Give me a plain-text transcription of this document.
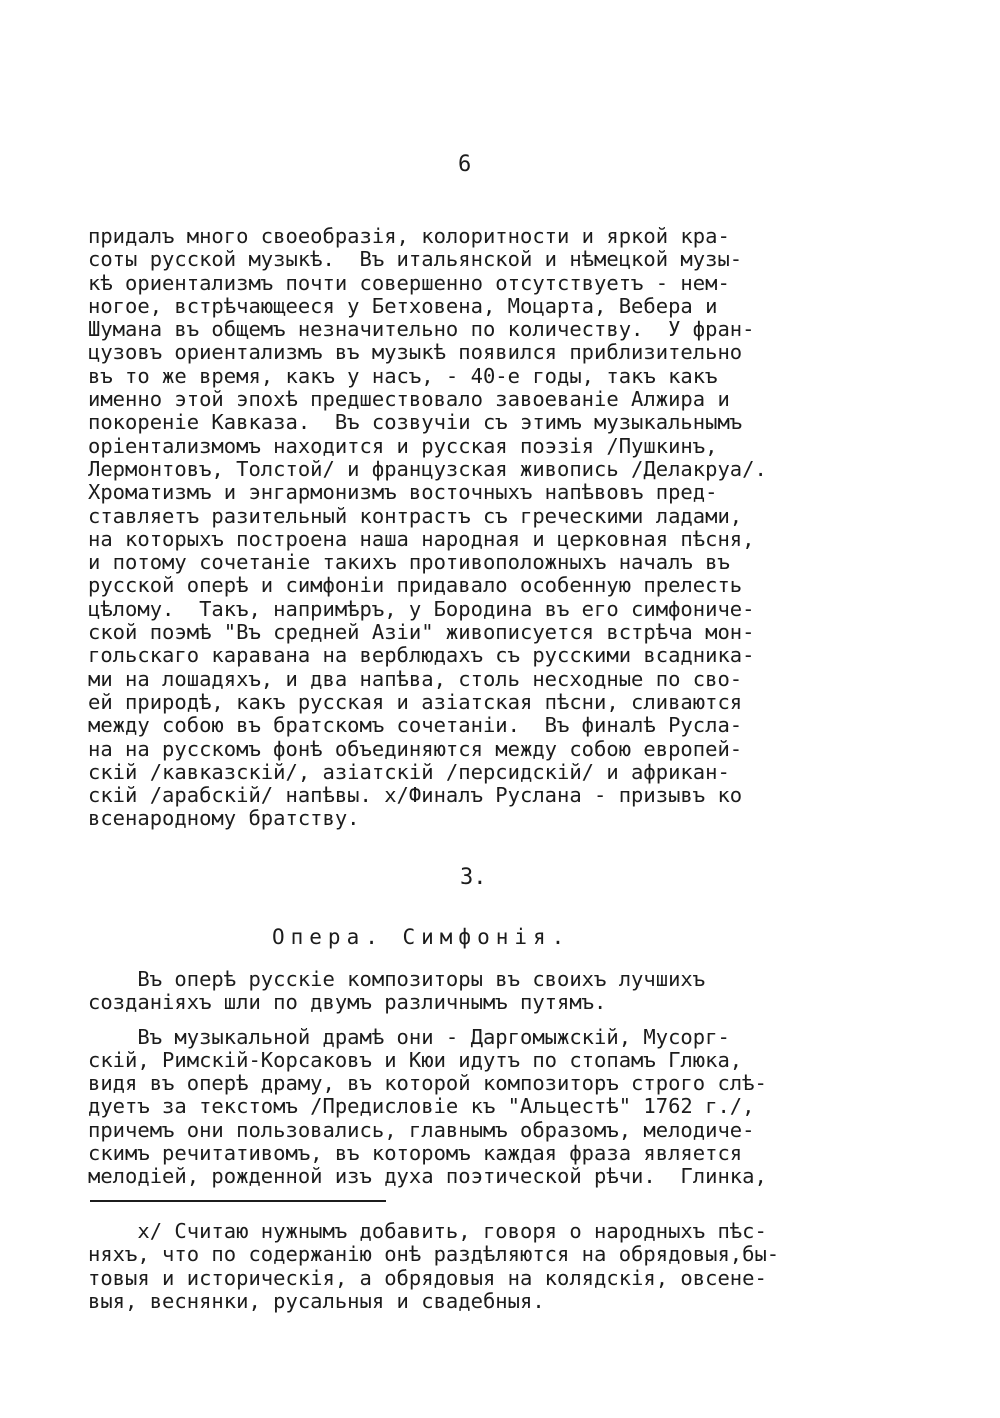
6
придалъ много своеобразія, колоритности и яркой кра-
соты русской музыкѣ.  Въ итальянской и нѣмецкой музы-
кѣ ориентализмъ почти совершенно отсутствуетъ - нем-
ногое, встрѣчающееся у Бетховена, Моцарта, Вебера и
Шумана въ общемъ незначительно по количеству.  У фран-
цузовъ ориентализмъ въ музыкѣ появился приблизительно
въ то же время, какъ у насъ, - 40-е годы, такъ какъ
именно этой эпохѣ предшествовало завоеваніе Алжира и
покореніе Кавказа.  Въ созвучіи съ этимъ музыкальнымъ
оріентализмомъ находится и русская поэзія /Пушкинъ,
Лермонтовъ, Толстой/ и французская живопись /Делакруа/.
Хроматизмъ и энгармонизмъ восточныхъ напѣвовъ пред-
ставляетъ разительный контрастъ съ греческими ладами,
на которыхъ построена наша народная и церковная пѣсня,
и потому сочетаніе такихъ противоположныхъ началъ въ
русской оперѣ и симфоніи придавало особенную прелесть
цѣлому.  Такъ, напримѣръ, у Бородина въ его симфониче-
ской поэмѣ "Въ средней Азіи" живописуется встрѣча мон-
гольскаго каравана на верблюдахъ съ русскими всадника-
ми на лошадяхъ, и два напѣва, столь несходные по сво-
ей природѣ, какъ русская и азіатская пѣсни, сливаются
между собою въ братскомъ сочетаніи.  Въ финалѣ Русла-
на на русскомъ фонѣ объединяются между собою европей-
скій /кавказскій/, азіатскій /персидскій/ и африкан-
скій /арабскій/ напѣвы. x/Финалъ Руслана - призывъ ко
всенародному братству.
3.
Опера. Симфонія.
Въ оперѣ русскіе композиторы въ своихъ лучшихъ
созданіяхъ шли по двумъ различнымъ путямъ.
Въ музыкальной драмѣ они - Даргомыжскій, Мусорг-
скій, Римскій-Корсаковъ и Кюи идутъ по стопамъ Глюка,
видя въ оперѣ драму, въ которой композиторъ строго слѣ-
дуетъ за текстомъ /Предисловіе къ "Альцестѣ" 1762 г./,
причемъ они пользовались, главнымъ образомъ, мелодиче-
скимъ речитативомъ, въ которомъ каждая фраза является
мелодіей, рожденной изъ духа поэтической рѣчи.  Глинка,
x/ Считаю нужнымъ добавить, говоря о народныхъ пѣс-
няхъ, что по содержанію онѣ раздѣляются на обрядовыя,бы-
товыя и историческія, а обрядовыя на колядскія, овсене-
выя, веснянки, русальныя и свадебныя.
